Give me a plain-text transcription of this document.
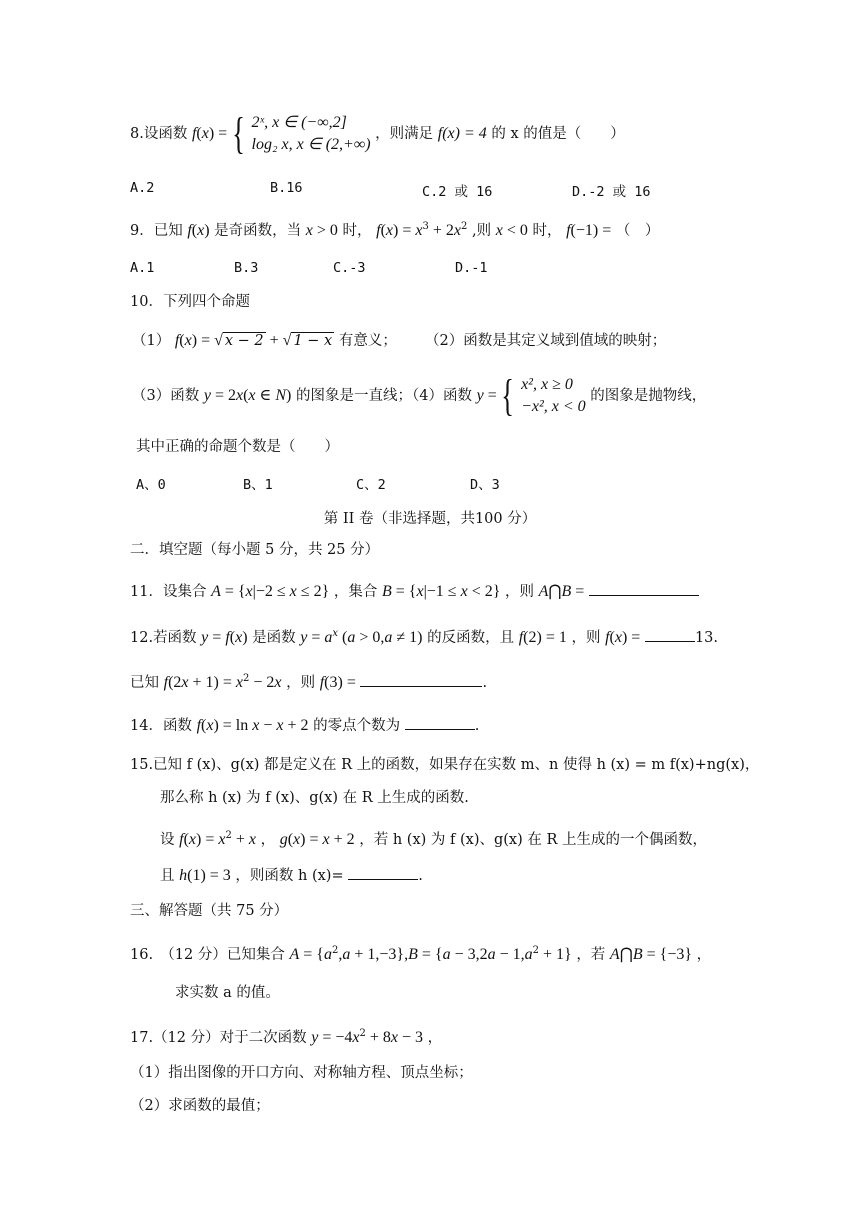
8.设函数 f(x) = { 2ˣ, x ∈ (−∞,2]
log₂ x, x ∈ (2,+∞) ，则满足 f(x) = 4 的 x 的值是（　　）
A.2	B.16	C.2 或 16	D.-2 或 16
9．已知 f(x) 是奇函数，当 x > 0 时， $f(x) = x^3 + 2x^2$ ,则 x < 0 时， f(−1) = （　）
A.1	B.3	C.-3	D.-1
10．下列四个命题
（1） f(x) = √ x − 2 + √ 1 − x 有意义； （2）函数是其定义域到值域的映射；
（3）函数 y = 2x(x ∈ N) 的图象是一直线；（4）函数 y = { x², x ≥ 0
−x², x < 0 的图象是抛物线，
其中正确的命题个数是（　　）
A、0	B、1	C、2	D、3
第 II 卷（非选择题，共100 分）
二．填空题（每小题 5 分，共 25 分）
11．设集合 A = {x|−2 ≤ x ≤ 2} ，集合 B = {x|−1 ≤ x < 2} ，则 A⋂B =
12.若函数 y = f(x) 是函数 $y = a^x$ (a > 0,a ≠ 1) 的反函数，且 f(2) = 1 ，则 f(x) =	13.
已知 $f(2x + 1) = x^2 - 2x$ ，则 f(3) =	.
14．函数 f(x) = ln x − x + 2 的零点个数为	.
15.已知 f (x)、g(x) 都是定义在 R 上的函数，如果存在实数 m、n 使得 h (x) = m f(x)+ng(x)，
那么称 h (x) 为 f (x)、g(x) 在 R 上生成的函数.
设 $f(x) = x^2 + x$ ， g(x) = x + 2 ，若 h (x) 为 f (x)、g(x) 在 R 上生成的一个偶函数，
且 h(1) = 3 ，则函数 h (x)=	.
三、解答题（共 75 分）
16.　（12 分）已知集合 $A = \{a^2,a + 1,-3\},B = \{a - 3,2a - 1,a^2 + 1\}$ ，若 A⋂B = {−3} ，
求实数 a 的值。
17.（12 分）对于二次函数 $y = -4x^2 + 8x - 3$ ，
（1）指出图像的开口方向、对称轴方程、顶点坐标；
（2）求函数的最值；
